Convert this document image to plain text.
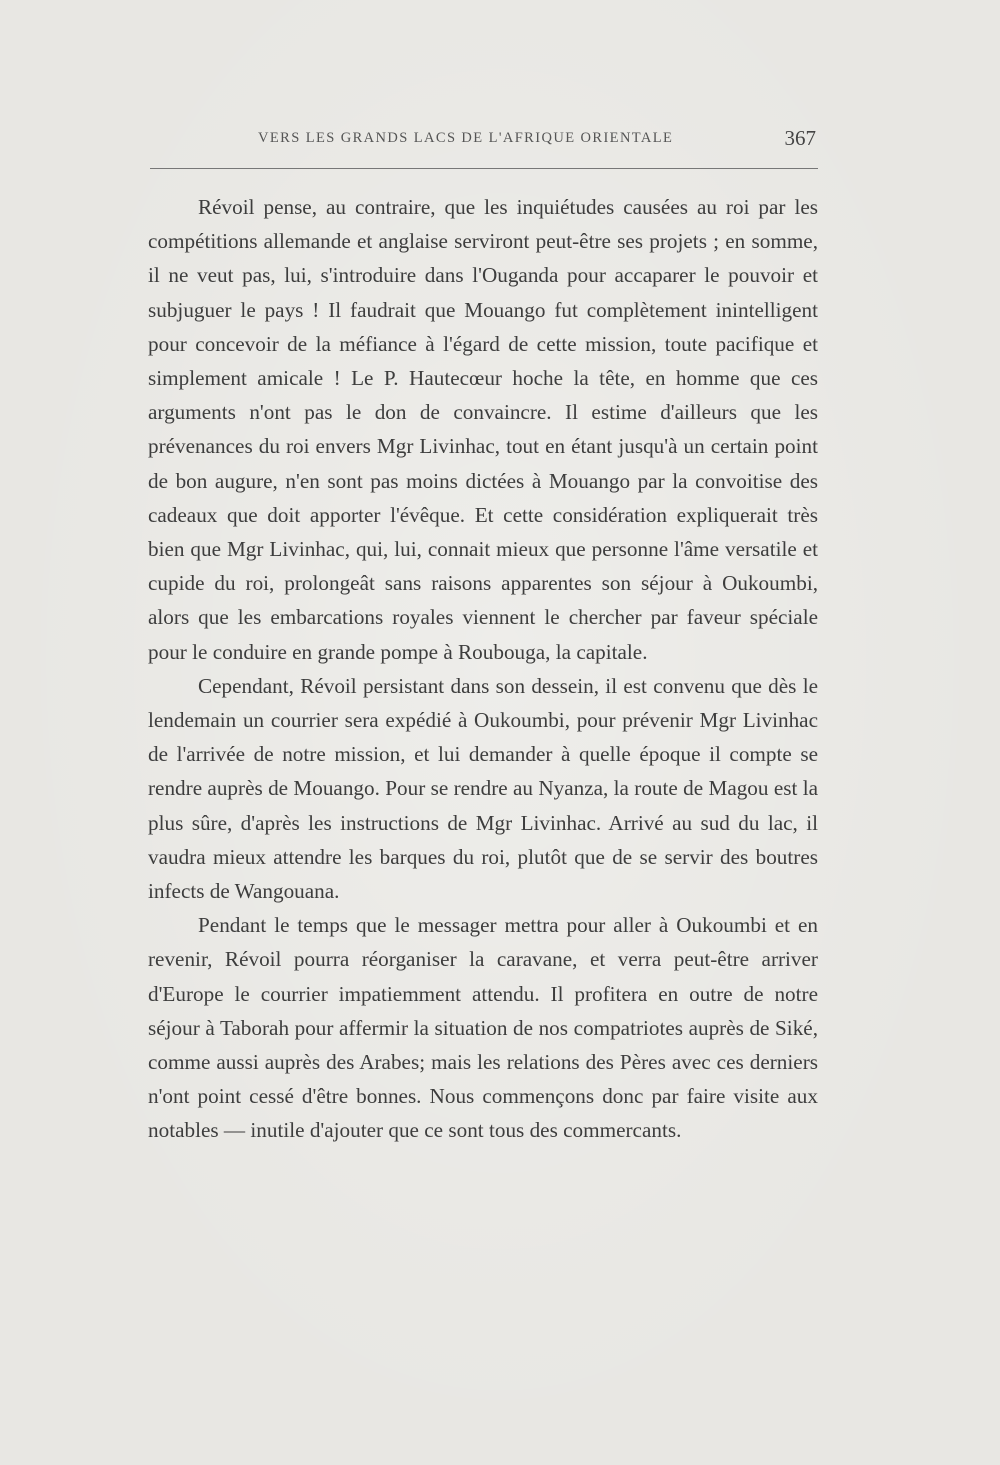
VERS LES GRANDS LACS DE L'AFRIQUE ORIENTALE	367

Révoil pense, au contraire, que les inquiétudes causées au roi par les compétitions allemande et anglaise serviront peut-être ses projets ; en somme, il ne veut pas, lui, s'introduire dans l'Ouganda pour accaparer le pouvoir et subjuguer le pays ! Il faudrait que Mouango fut complètement inintelligent pour concevoir de la méfiance à l'égard de cette mission, toute pacifique et simplement amicale ! Le P. Hautecœur hoche la tête, en homme que ces arguments n'ont pas le don de convaincre. Il estime d'ailleurs que les prévenances du roi envers Mgr Livinhac, tout en étant jusqu'à un certain point de bon augure, n'en sont pas moins dictées à Mouango par la convoitise des cadeaux que doit apporter l'évêque. Et cette considération expliquerait très bien que Mgr Livinhac, qui, lui, connait mieux que personne l'âme versatile et cupide du roi, prolongeât sans raisons apparentes son séjour à Oukoumbi, alors que les embarcations royales viennent le chercher par faveur spéciale pour le conduire en grande pompe à Roubouga, la capitale.

Cependant, Révoil persistant dans son dessein, il est convenu que dès le lendemain un courrier sera expédié à Oukoumbi, pour prévenir Mgr Livinhac de l'arrivée de notre mission, et lui demander à quelle époque il compte se rendre auprès de Mouango. Pour se rendre au Nyanza, la route de Magou est la plus sûre, d'après les instructions de Mgr Livinhac. Arrivé au sud du lac, il vaudra mieux attendre les barques du roi, plutôt que de se servir des boutres infects de Wangouana.

Pendant le temps que le messager mettra pour aller à Oukoumbi et en revenir, Révoil pourra réorganiser la caravane, et verra peut-être arriver d'Europe le courrier impatiemment attendu. Il profitera en outre de notre séjour à Taborah pour affermir la situation de nos compatriotes auprès de Siké, comme aussi auprès des Arabes; mais les relations des Pères avec ces derniers n'ont point cessé d'être bonnes. Nous commençons donc par faire visite aux notables — inutile d'ajouter que ce sont tous des commercants.
